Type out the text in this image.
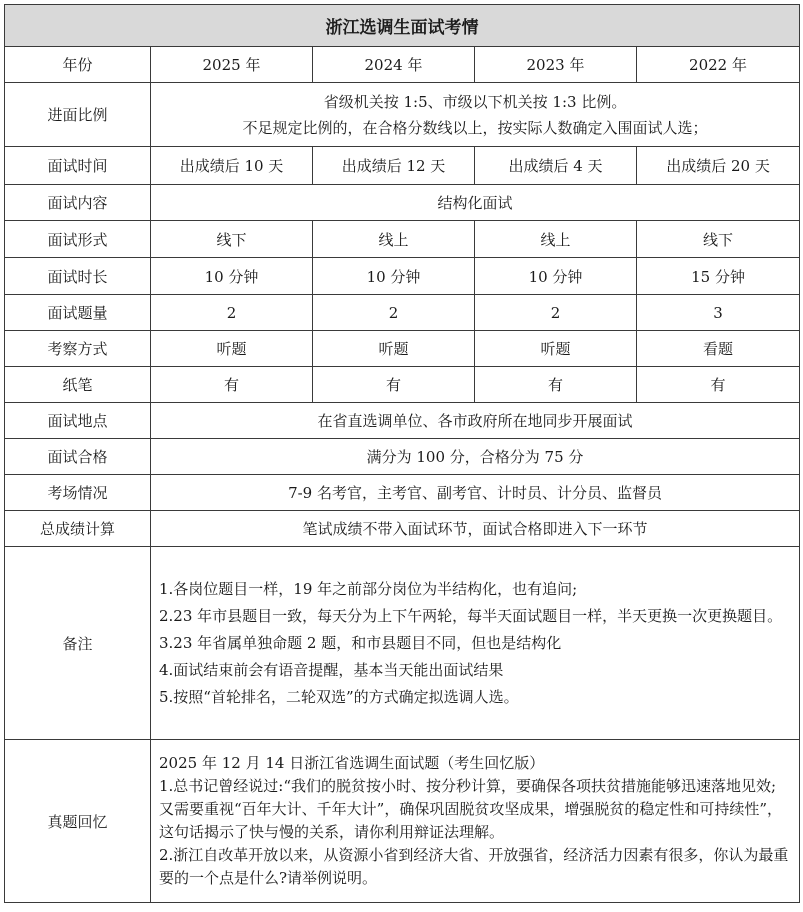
浙江选调生面试考情				
年份	2025 年	2024 年	2023 年	2022 年
进面比例	省级机关按 1:5、市级以下机关按 1:3 比例。
不足规定比例的，在合格分数线以上，按实际人数确定入围面试人选；			

面试时间	出成绩后 10 天	出成绩后 12 天	出成绩后 4 天	出成绩后 20 天
面试内容	结构化面试			
面试形式	线下	线上	线上	线下
面试时长	10 分钟	10 分钟	10 分钟	15 分钟
面试题量	2	2	2	3
考察方式	听题	听题	听题	看题
纸笔	有	有	有	有
面试地点	在省直选调单位、各市政府所在地同步开展面试			
面试合格	满分为 100 分，合格分为 75 分			
考场情况	7-9 名考官，主考官、副考官、计时员、计分员、监督员			
总成绩计算	笔试成绩不带入面试环节，面试合格即进入下一环节			
备注	1.各岗位题目一样，19 年之前部分岗位为半结构化，也有追问;
2.23 年市县题目一致，每天分为上下午两轮，每半天面试题目一样，半天更换一次更换题目。
3.23 年省属单独命题 2 题，和市县题目不同，但也是结构化
4.面试结束前会有语音提醒，基本当天能出面试结果
5.按照“首轮排名，二轮双选”的方式确定拟选调人选。			

真题回忆	2025 年 12 月 14 日浙江省选调生面试题（考生回忆版）
1.总书记曾经说过:“我们的脱贫按小时、按分秒计算，要确保各项扶贫措施能够迅速落地见效;又需要重视“百年大计、千年大计”，确保巩固脱贫攻坚成果，增强脱贫的稳定性和可持续性”，这句话揭示了快与慢的关系，请你利用辩证法理解。
2.浙江自改革开放以来，从资源小省到经济大省、开放强省，经济活力因素有很多，你认为最重要的一个点是什么?请举例说明。			
